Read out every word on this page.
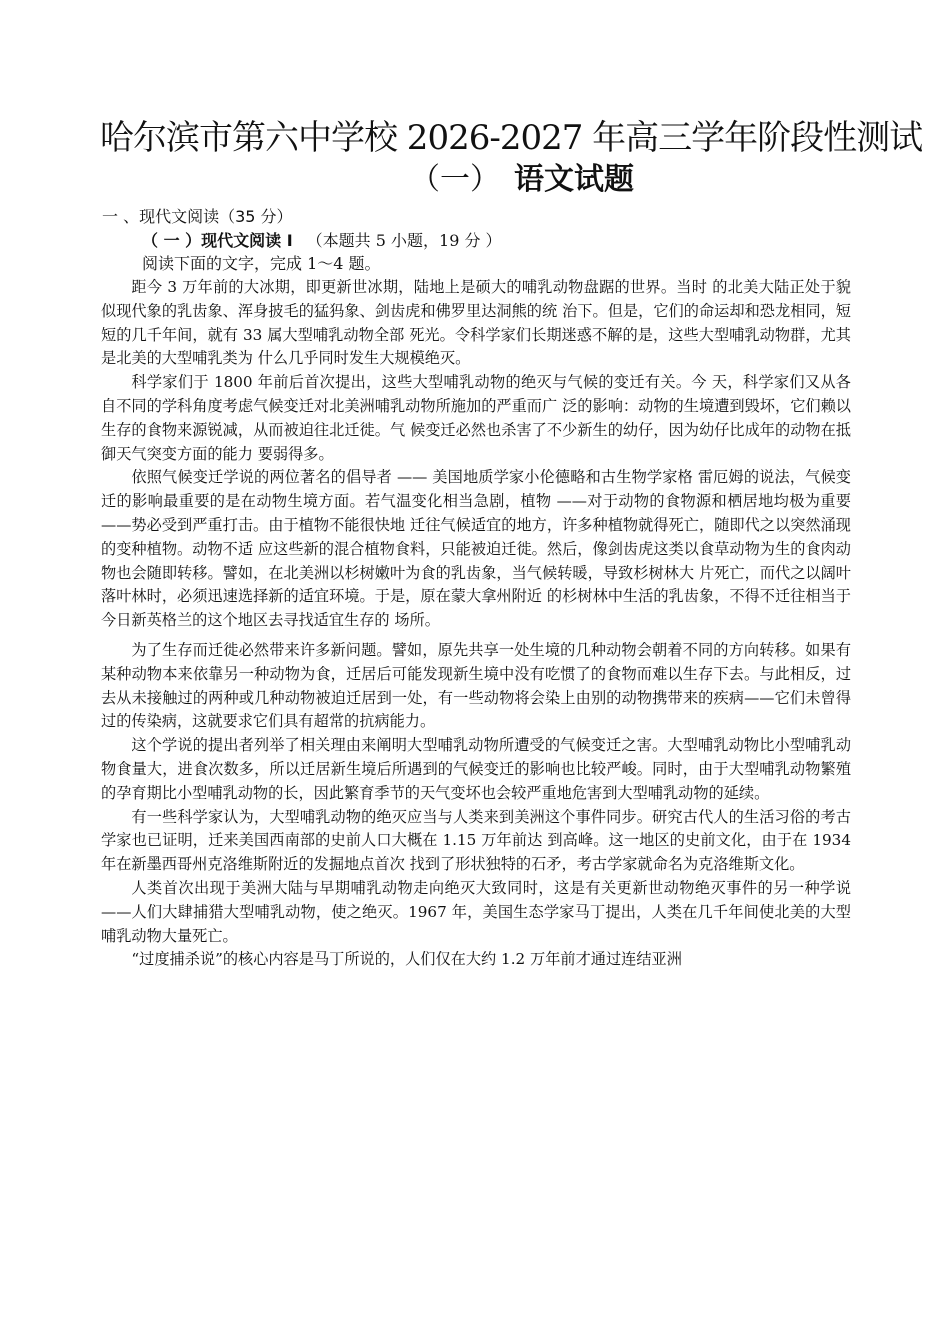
哈尔滨市第六中学校 2026-2027 年高三学年阶段性测试
（一） 语文试题
一 、现代文阅读（35 分）
（ 一 ）现代文阅读 I （本题共 5 小题，19 分 ）
阅读下面的文字，完成 1～4 题。

距今 3 万年前的大冰期，即更新世冰期，陆地上是硕大的哺乳动物盘踞的世界。当时 的北美大陆正处于貌似现代象的乳齿象、浑身披毛的猛犸象、剑齿虎和佛罗里达洞熊的统 治下。但是，它们的命运却和恐龙相同，短短的几千年间，就有 33 属大型哺乳动物全部 死光。令科学家们长期迷惑不解的是，这些大型哺乳动物群，尤其是北美的大型哺乳类为 什么几乎同时发生大规模绝灭。

科学家们于 1800 年前后首次提出，这些大型哺乳动物的绝灭与气候的变迁有关。今 天，科学家们又从各自不同的学科角度考虑气候变迁对北美洲哺乳动物所施加的严重而广 泛的影响：动物的生境遭到毁坏，它们赖以生存的食物来源锐减，从而被迫往北迁徙。气 候变迁必然也杀害了不少新生的幼仔，因为幼仔比成年的动物在抵御天气突变方面的能力 要弱得多。

依照气候变迁学说的两位著名的倡导者 —— 美国地质学家小伦德略和古生物学家格 雷厄姆的说法，气候变迁的影响最重要的是在动物生境方面。若气温变化相当急剧，植物 ——对于动物的食物源和栖居地均极为重要——势必受到严重打击。由于植物不能很快地 迁往气候适宜的地方，许多种植物就得死亡，随即代之以突然涌现的变种植物。动物不适 应这些新的混合植物食料，只能被迫迁徙。然后，像剑齿虎这类以食草动物为生的食肉动 物也会随即转移。譬如，在北美洲以杉树嫩叶为食的乳齿象，当气候转暖，导致杉树林大 片死亡，而代之以阔叶落叶林时，必须迅速选择新的适宜环境。于是，原在蒙大拿州附近 的杉树林中生活的乳齿象，不得不迁往相当于今日新英格兰的这个地区去寻找适宜生存的 场所。

为了生存而迁徙必然带来许多新问题。譬如，原先共享一处生境的几种动物会朝着不同的方向转移。如果有某种动物本来依靠另一种动物为食，迁居后可能发现新生境中没有吃惯了的食物而难以生存下去。与此相反，过去从未接触过的两种或几种动物被迫迁居到一处，有一些动物将会染上由别的动物携带来的疾病——它们未曾得过的传染病，这就要求它们具有超常的抗病能力。

这个学说的提出者列举了相关理由来阐明大型哺乳动物所遭受的气候变迁之害。大型哺乳动物比小型哺乳动物食量大，进食次数多，所以迁居新生境后所遇到的气候变迁的影响也比较严峻。同时，由于大型哺乳动物繁殖的孕育期比小型哺乳动物的长，因此繁育季节的天气变坏也会较严重地危害到大型哺乳动物的延续。

有一些科学家认为，大型哺乳动物的绝灭应当与人类来到美洲这个事件同步。研究古代人的生活习俗的考古学家也已证明，迁来美国西南部的史前人口大概在 1.15 万年前达 到高峰。这一地区的史前文化，由于在 1934 年在新墨西哥州克洛维斯附近的发掘地点首次 找到了形状独特的石矛，考古学家就命名为克洛维斯文化。

人类首次出现于美洲大陆与早期哺乳动物走向绝灭大致同时，这是有关更新世动物绝灭事件的另一种学说——人们大肆捕猎大型哺乳动物，使之绝灭。1967 年，美国生态学家马丁提出，人类在几千年间使北美的大型哺乳动物大量死亡。

“过度捕杀说”的核心内容是马丁所说的，人们仅在大约 1.2 万年前才通过连结亚洲
